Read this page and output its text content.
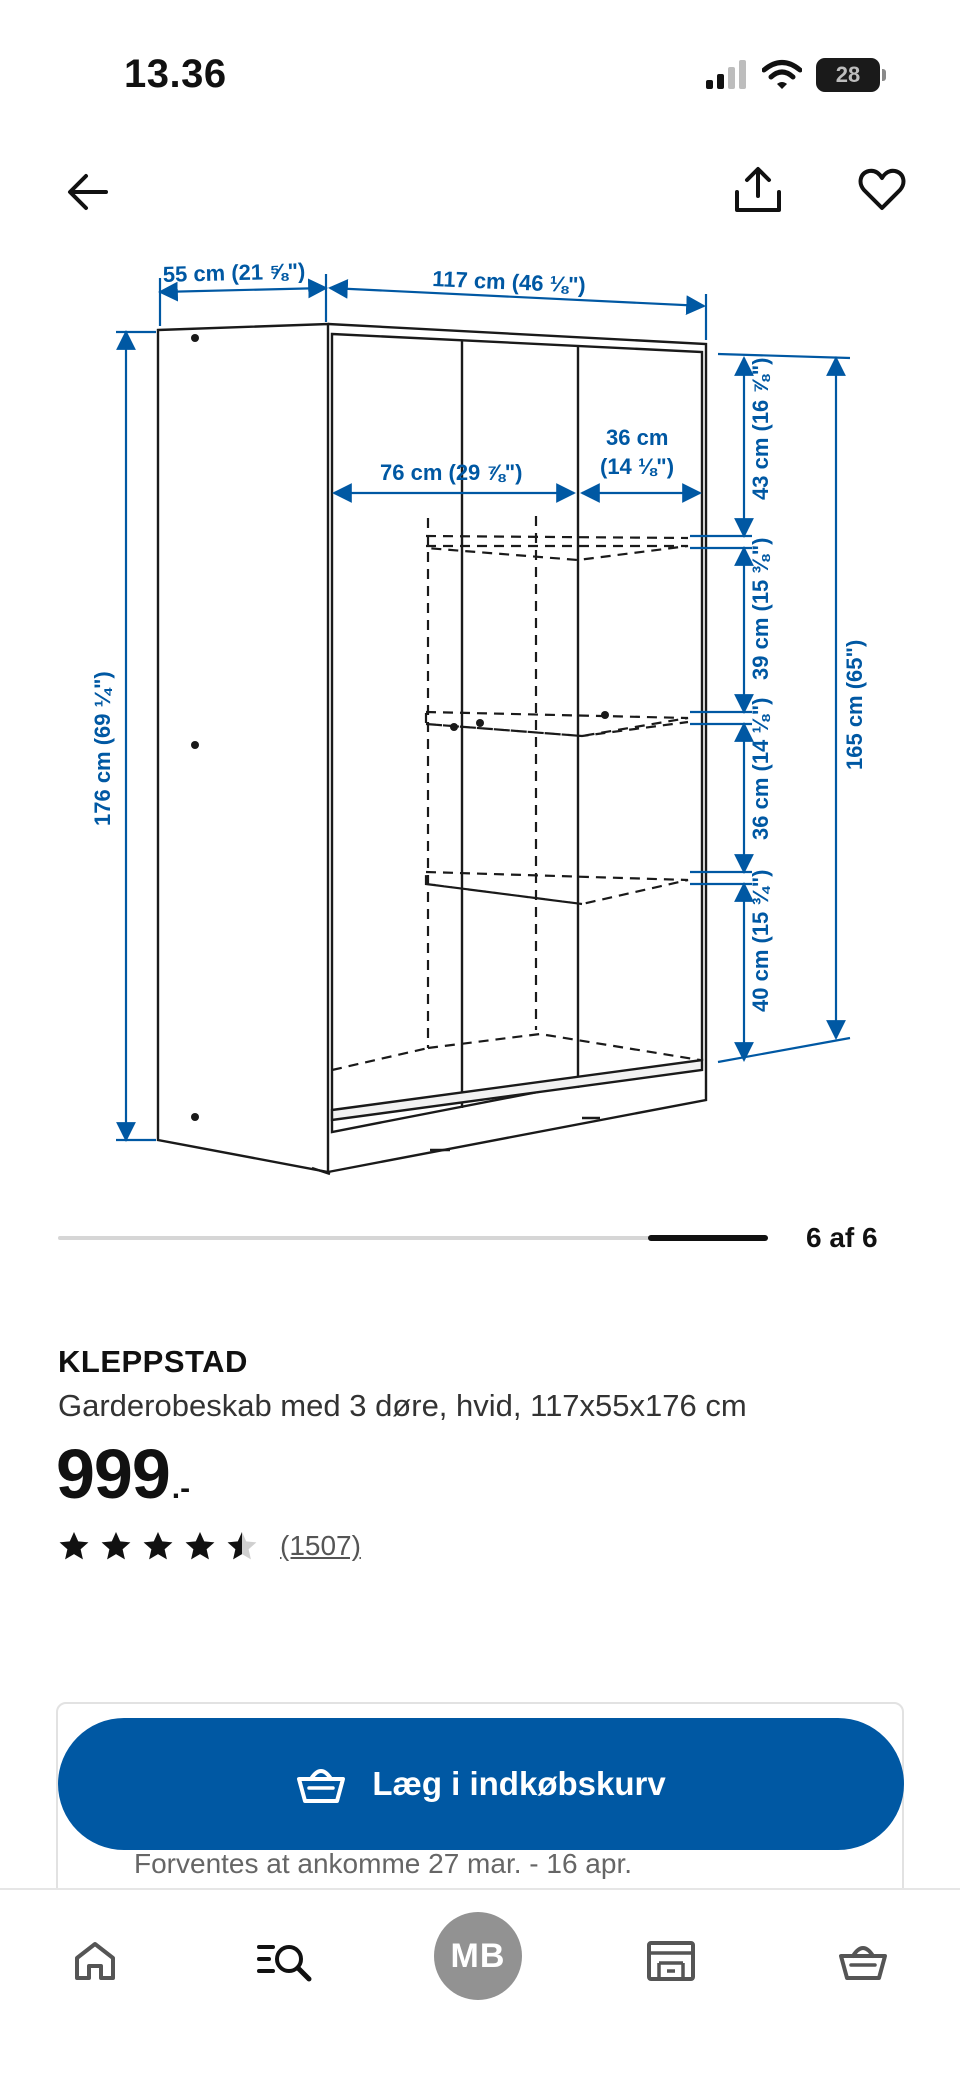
13.36	28
55 cm (21 ⅝")	117 cm (46 ⅛")
76 cm (29 ⅞")
36 cm
(14 ⅛")
176 cm (69 ¼")	165 cm (65")
43 cm (16 ⅞")
39 cm (15 ⅜")
36 cm (14 ⅛")
40 cm (15 ¾")
6 af 6
KLEPPSTAD
Garderobeskab med 3 døre, hvid, 117x55x176 cm
999 .-
(1507)
Læg i indkøbskurv
Forventes at ankomme 27 mar. - 16 apr.
MB
